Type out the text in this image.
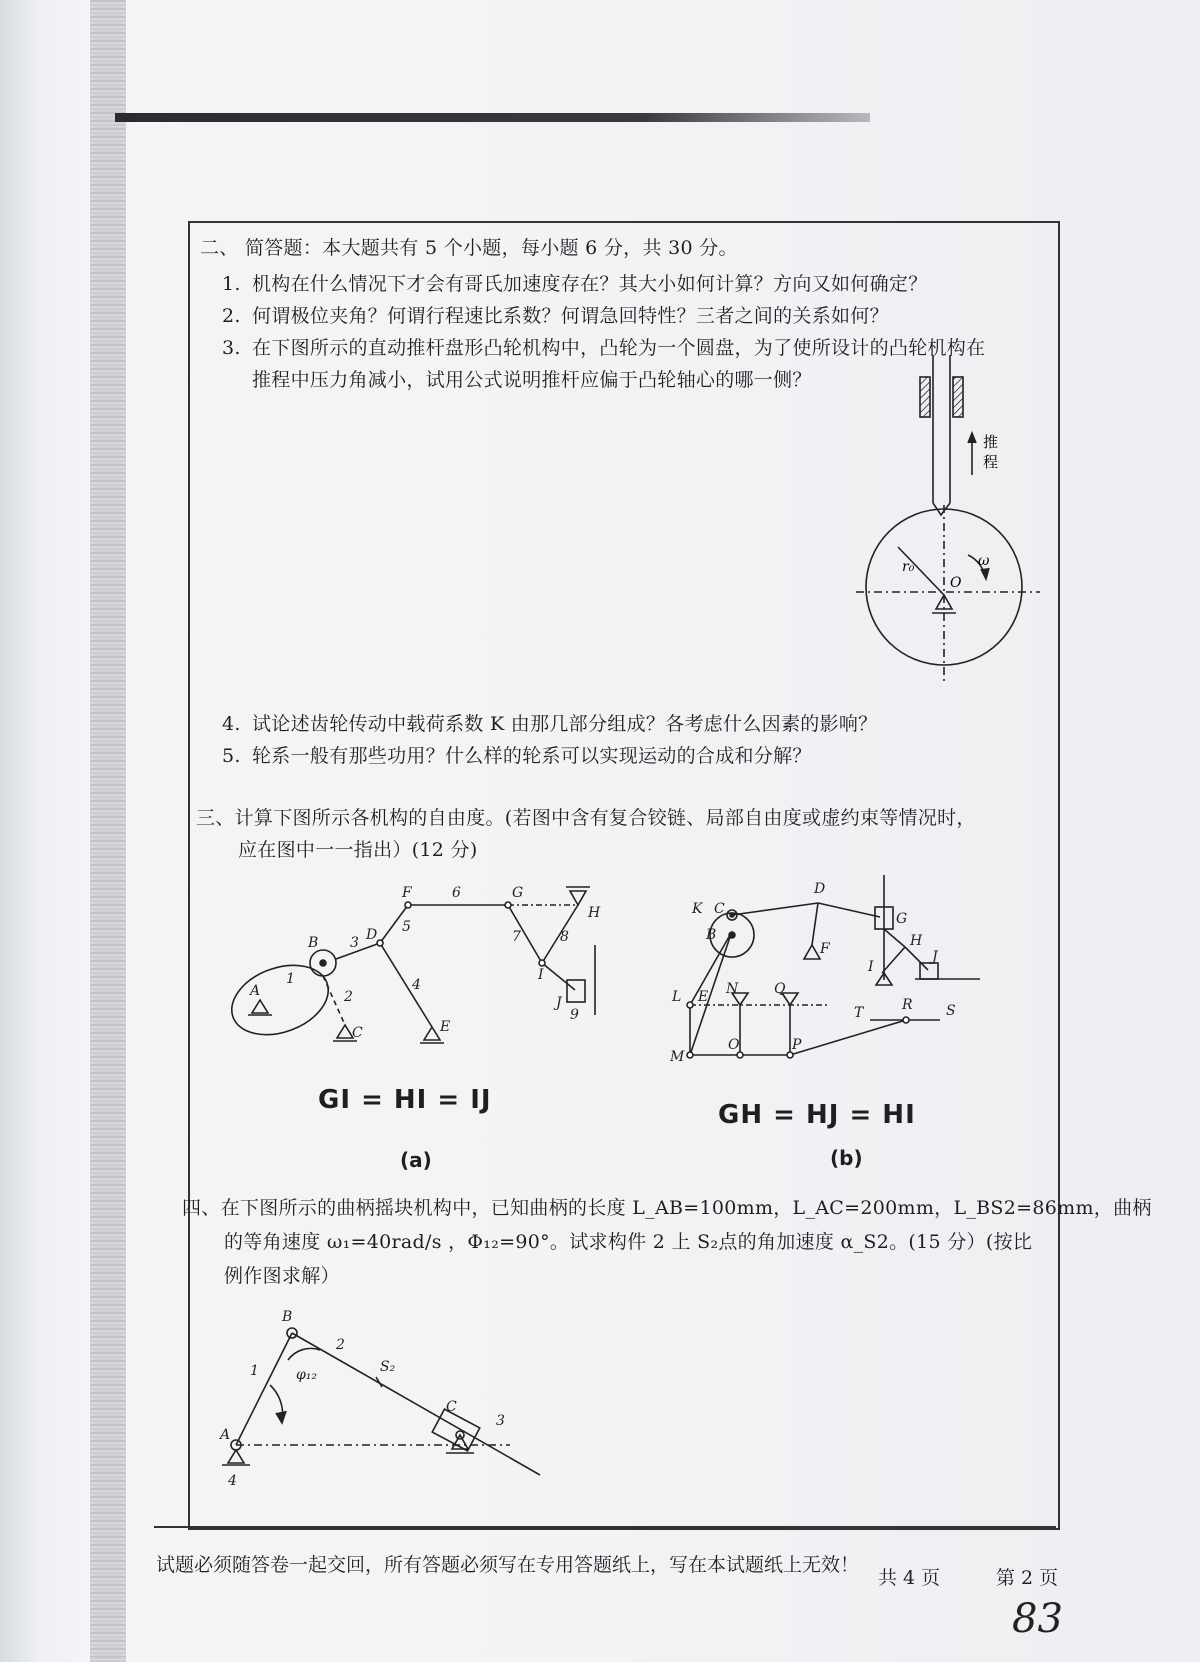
二、 简答题：本大题共有 5 个小题，每小题 6 分，共 30 分。
1. 机构在什么情况下才会有哥氏加速度存在？其大小如何计算？方向又如何确定？
2. 何谓极位夹角？何谓行程速比系数？何谓急回特性？三者之间的关系如何？
3. 在下图所示的直动推杆盘形凸轮机构中，凸轮为一个圆盘，为了使所设计的凸轮机构在
推程中压力角减小，试用公式说明推杆应偏于凸轮轴心的哪一侧？
推
程
r₀
O
ω
4. 试论述齿轮传动中载荷系数 K 由那几部分组成？各考虑什么因素的影响？
5. 轮系一般有那些功用？什么样的轮系可以实现运动的合成和分解？
三、计算下图所示各机构的自由度。(若图中含有复合铰链、局部自由度或虚约束等情况时，
应在图中一一指出）(12 分)
A
B
C
D
E
F	G
H
I
J
1
2
3
4
5
6
7	8
9
GI = HI = IJ
(a)
K C
B
D
F
G
H
I
J
L E N	Q
T	R S
M
O	P
GH = HJ = HI
(b)
四、在下图所示的曲柄摇块机构中，已知曲柄的长度 L_AB=100mm，L_AC=200mm，L_BS2=86mm，曲柄
的等角速度 ω₁=40rad/s ，Φ₁₂=90°。试求构件 2 上 S₂点的角加速度 α_S2。(15 分）(按比
例作图求解）
A
B
C
S₂
1
2
3
4
φ₁₂
试题必须随答卷一起交回，所有答题必须写在专用答题纸上，写在本试题纸上无效！
共 4 页	第 2 页
83
